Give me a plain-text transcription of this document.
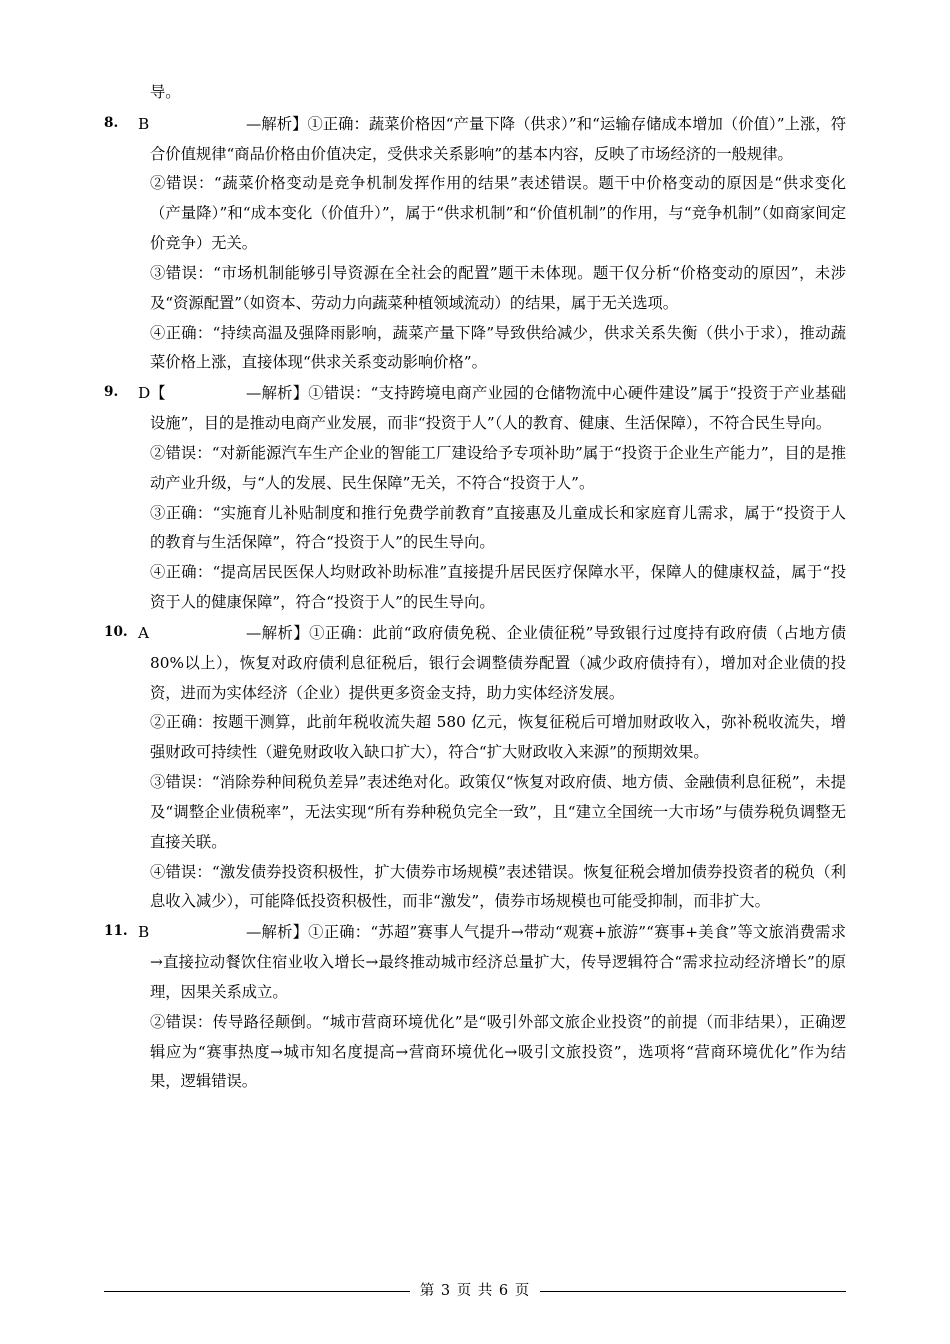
导。
8. B	—解析】①正确：蔬菜价格因“产量下降（供求）”和“运输存储成本增加（价值）”上涨，符合价值规律“商品价格由价值决定，受供求关系影响”的基本内容，反映了市场经济的一般规律。

②错误：“蔬菜价格变动是竞争机制发挥作用的结果”表述错误。题干中价格变动的原因是“供求变化（产量降）”和“成本变化（价值升）”，属于“供求机制”和“价值机制”的作用，与“竞争机制”（如商家间定价竞争）无关。

③错误：“市场机制能够引导资源在全社会的配置”题干未体现。题干仅分析“价格变动的原因”，未涉及“资源配置”（如资本、劳动力向蔬菜种植领域流动）的结果，属于无关选项。

④正确：“持续高温及强降雨影响，蔬菜产量下降”导致供给减少，供求关系失衡（供小于求），推动蔬菜价格上涨，直接体现“供求关系变动影响价格”。

9. D【	—解析】①错误：“支持跨境电商产业园的仓储物流中心硬件建设”属于“投资于产业基础设施”，目的是推动电商产业发展，而非“投资于人”（人的教育、健康、生活保障），不符合民生导向。

②错误：“对新能源汽车生产企业的智能工厂建设给予专项补助”属于“投资于企业生产能力”，目的是推动产业升级，与“人的发展、民生保障”无关，不符合“投资于人”。

③正确：“实施育儿补贴制度和推行免费学前教育”直接惠及儿童成长和家庭育儿需求，属于“投资于人的教育与生活保障”，符合“投资于人”的民生导向。

④正确：“提高居民医保人均财政补助标准”直接提升居民医疗保障水平，保障人的健康权益，属于“投资于人的健康保障”，符合“投资于人”的民生导向。

10. A	—解析】①正确：此前“政府债免税、企业债征税”导致银行过度持有政府债（占地方债 80%以上），恢复对政府债利息征税后，银行会调整债券配置（减少政府债持有），增加对企业债的投资，进而为实体经济（企业）提供更多资金支持，助力实体经济发展。

②正确：按题干测算，此前年税收流失超 580 亿元，恢复征税后可增加财政收入，弥补税收流失，增强财政可持续性（避免财政收入缺口扩大），符合“扩大财政收入来源”的预期效果。

③错误：“消除券种间税负差异”表述绝对化。政策仅“恢复对政府债、地方债、金融债利息征税”，未提及“调整企业债税率”，无法实现“所有券种税负完全一致”，且“建立全国统一大市场”与债券税负调整无直接关联。

④错误：“激发债券投资积极性，扩大债券市场规模”表述错误。恢复征税会增加债券投资者的税负（利息收入减少），可能降低投资积极性，而非“激发”，债券市场规模也可能受抑制，而非扩大。

11. B	—解析】①正确：“苏超”赛事人气提升→带动“观赛+旅游”“赛事+美食”等文旅消费需求→直接拉动餐饮住宿业收入增长→最终推动城市经济总量扩大，传导逻辑符合“需求拉动经济增长”的原理，因果关系成立。

②错误：传导路径颠倒。“城市营商环境优化”是“吸引外部文旅企业投资”的前提（而非结果），正确逻辑应为“赛事热度→城市知名度提高→营商环境优化→吸引文旅投资”，选项将“营商环境优化”作为结果，逻辑错误。

第 3 页 共 6 页
